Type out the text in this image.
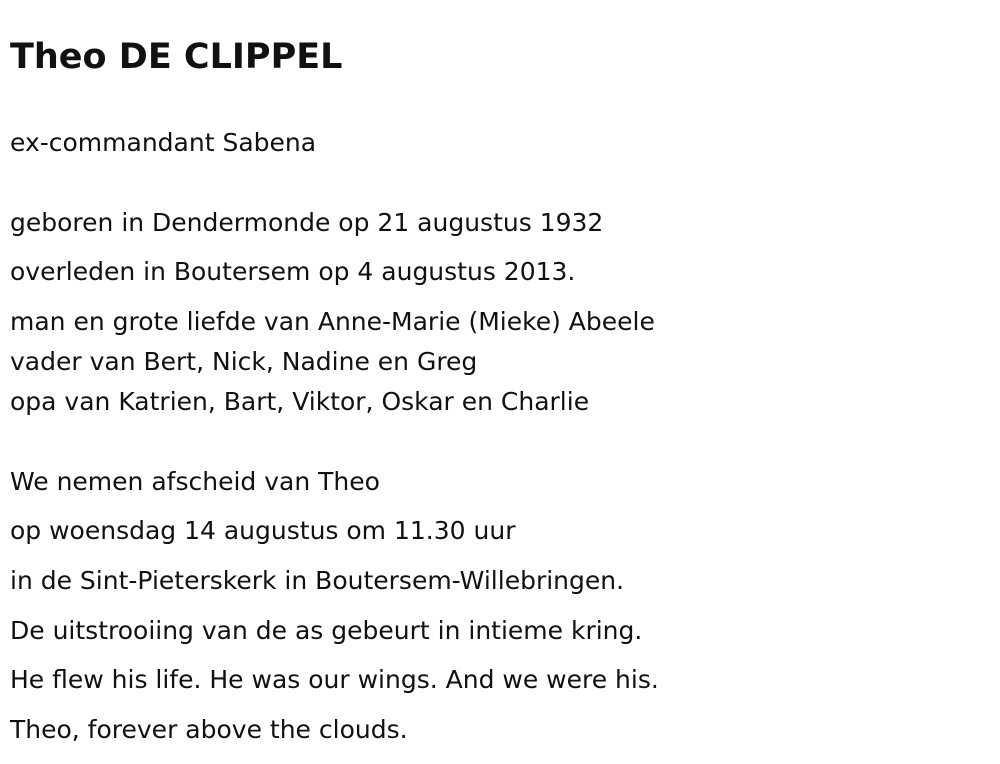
Theo DE CLIPPEL

ex-commandant Sabena

geboren in Dendermonde op 21 augustus 1932

overleden in Boutersem op 4 augustus 2013.

man en grote liefde van Anne-Marie (Mieke) Abeele

vader van Bert, Nick, Nadine en Greg

opa van Katrien, Bart, Viktor, Oskar en Charlie

We nemen afscheid van Theo

op woensdag 14 augustus om 11.30 uur

in de Sint-Pieterskerk in Boutersem-Willebringen.

De uitstrooiing van de as gebeurt in intieme kring.

He flew his life. He was our wings. And we were his.

Theo, forever above the clouds.
